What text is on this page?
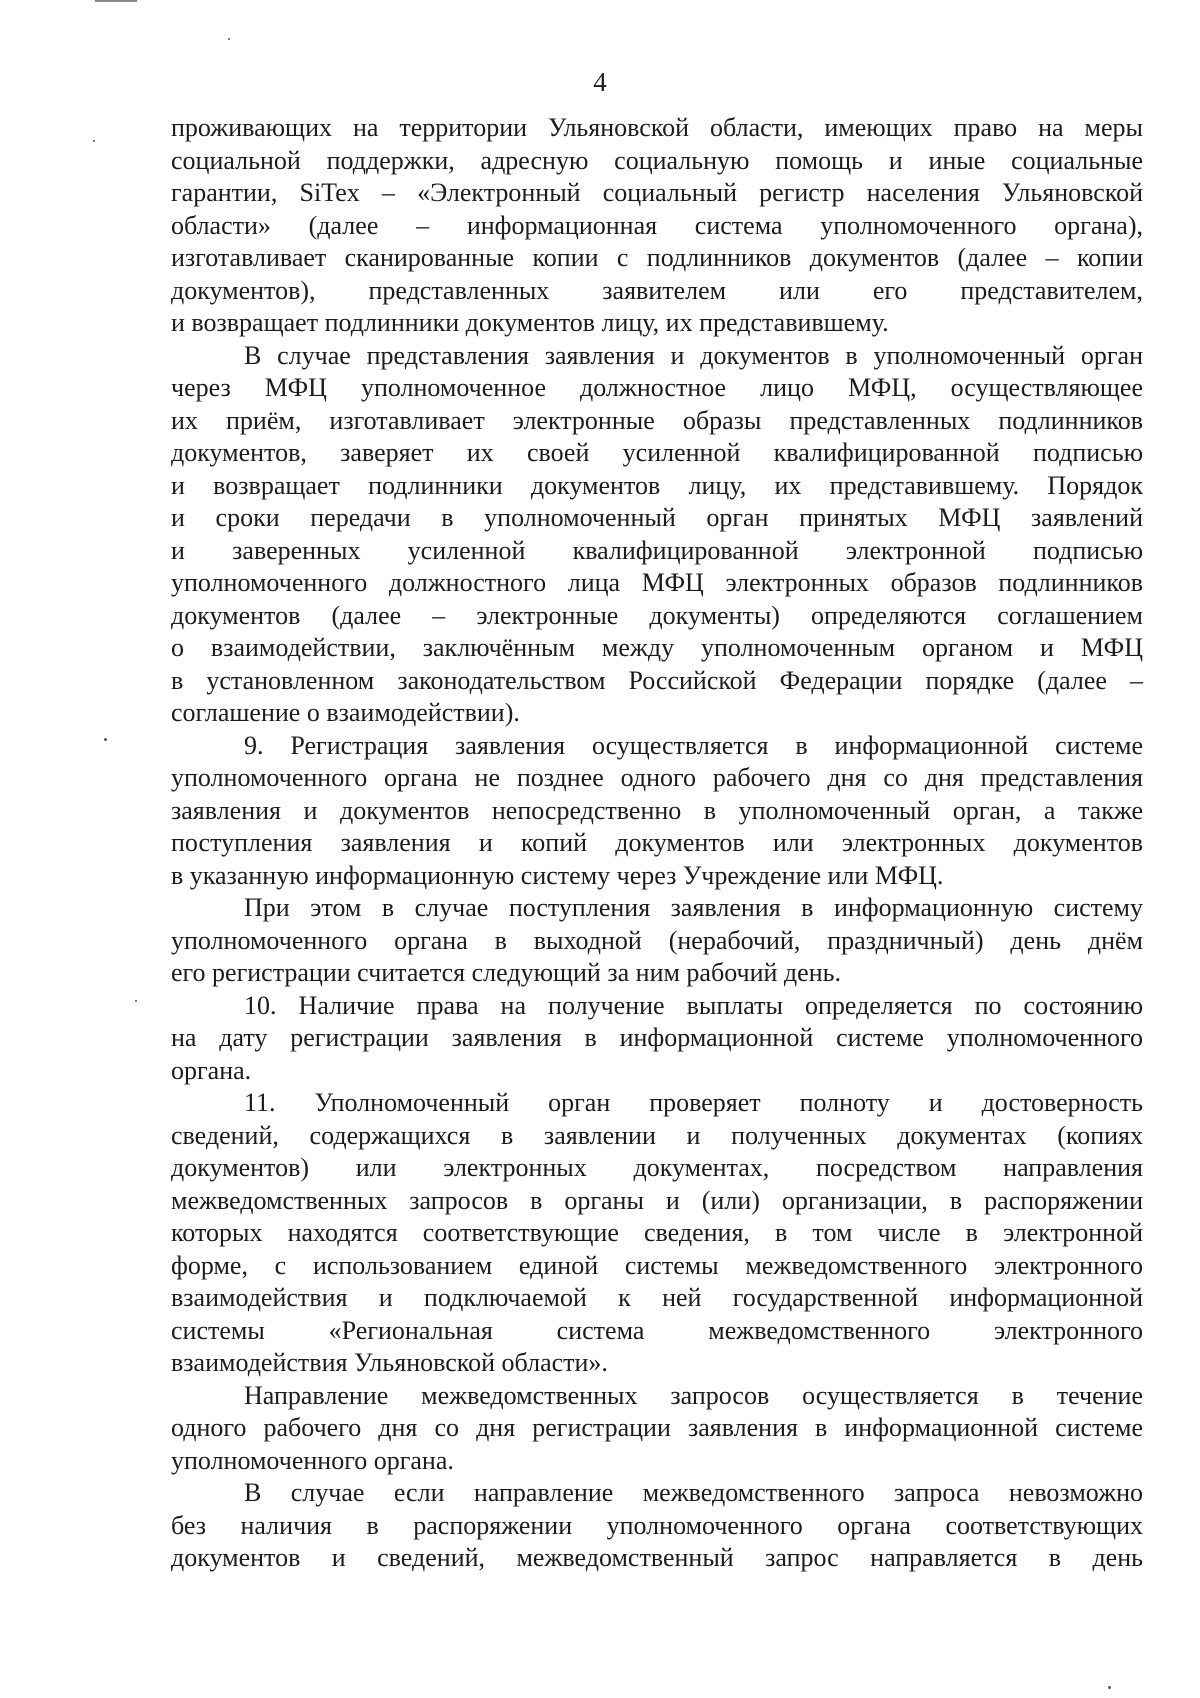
4
проживающих на территории Ульяновской области, имеющих право на меры
социальной поддержки, адресную социальную помощь и иные социальные
гарантии, SiTex – «Электронный социальный регистр населения Ульяновской
области» (далее – информационная система уполномоченного органа),
изготавливает сканированные копии с подлинников документов (далее – копии
документов), представленных заявителем или его представителем,
и возвращает подлинники документов лицу, их представившему.
В случае представления заявления и документов в уполномоченный орган
через МФЦ уполномоченное должностное лицо МФЦ, осуществляющее
их приём, изготавливает электронные образы представленных подлинников
документов, заверяет их своей усиленной квалифицированной подписью
и возвращает подлинники документов лицу, их представившему. Порядок
и сроки передачи в уполномоченный орган принятых МФЦ заявлений
и заверенных усиленной квалифицированной электронной подписью
уполномоченного должностного лица МФЦ электронных образов подлинников
документов (далее – электронные документы) определяются соглашением
о взаимодействии, заключённым между уполномоченным органом и МФЦ
в установленном законодательством Российской Федерации порядке (далее –
соглашение о взаимодействии).
9. Регистрация заявления осуществляется в информационной системе
уполномоченного органа не позднее одного рабочего дня со дня представления
заявления и документов непосредственно в уполномоченный орган, а также
поступления заявления и копий документов или электронных документов
в указанную информационную систему через Учреждение или МФЦ.
При этом в случае поступления заявления в информационную систему
уполномоченного органа в выходной (нерабочий, праздничный) день днём
его регистрации считается следующий за ним рабочий день.
10. Наличие права на получение выплаты определяется по состоянию
на дату регистрации заявления в информационной системе уполномоченного
органа.
11. Уполномоченный орган проверяет полноту и достоверность
сведений, содержащихся в заявлении и полученных документах (копиях
документов) или электронных документах, посредством направления
межведомственных запросов в органы и (или) организации, в распоряжении
которых находятся соответствующие сведения, в том числе в электронной
форме, с использованием единой системы межведомственного электронного
взаимодействия и подключаемой к ней государственной информационной
системы «Региональная система межведомственного электронного
взаимодействия Ульяновской области».
Направление межведомственных запросов осуществляется в течение
одного рабочего дня со дня регистрации заявления в информационной системе
уполномоченного органа.
В случае если направление межведомственного запроса невозможно
без наличия в распоряжении уполномоченного органа соответствующих
документов и сведений, межведомственный запрос направляется в день
